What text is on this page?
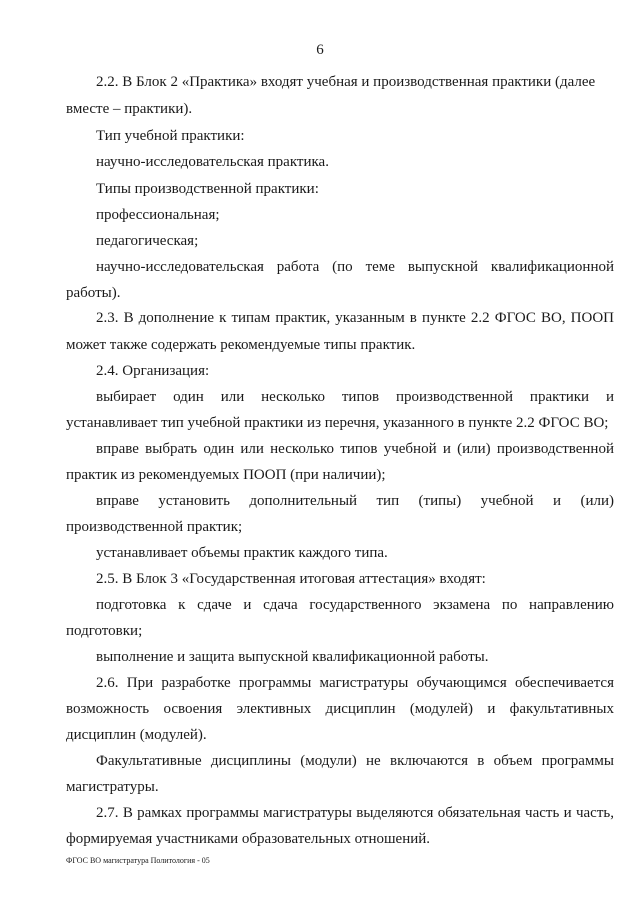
6
2.2. В Блок 2 «Практика» входят учебная и производственная практики (далее
вместе – практики).
Тип учебной практики:
научно-исследовательская практика.
Типы производственной практики:
профессиональная;
педагогическая;
научно-исследовательская работа (по теме выпускной квалификационной
работы).
2.3. В дополнение к типам практик, указанным в пункте 2.2 ФГОС ВО, ПООП
может также содержать рекомендуемые типы практик.
2.4. Организация:
выбирает один или несколько типов производственной практики и
устанавливает тип учебной практики из перечня, указанного в пункте 2.2 ФГОС ВО;
вправе выбрать один или несколько типов учебной и (или) производственной
практик из рекомендуемых ПООП (при наличии);
вправе установить дополнительный тип (типы) учебной и (или)
производственной практик;
устанавливает объемы практик каждого типа.
2.5. В Блок 3 «Государственная итоговая аттестация» входят:
подготовка к сдаче и сдача государственного экзамена по направлению
подготовки;
выполнение и защита выпускной квалификационной работы.
2.6. При разработке программы магистратуры обучающимся обеспечивается
возможность освоения элективных дисциплин (модулей) и факультативных
дисциплин (модулей).
Факультативные дисциплины (модули) не включаются в объем программы
магистратуры.
2.7. В рамках программы магистратуры выделяются обязательная часть и часть,
формируемая участниками образовательных отношений.
ФГОС ВО магистратура Политология - 05
